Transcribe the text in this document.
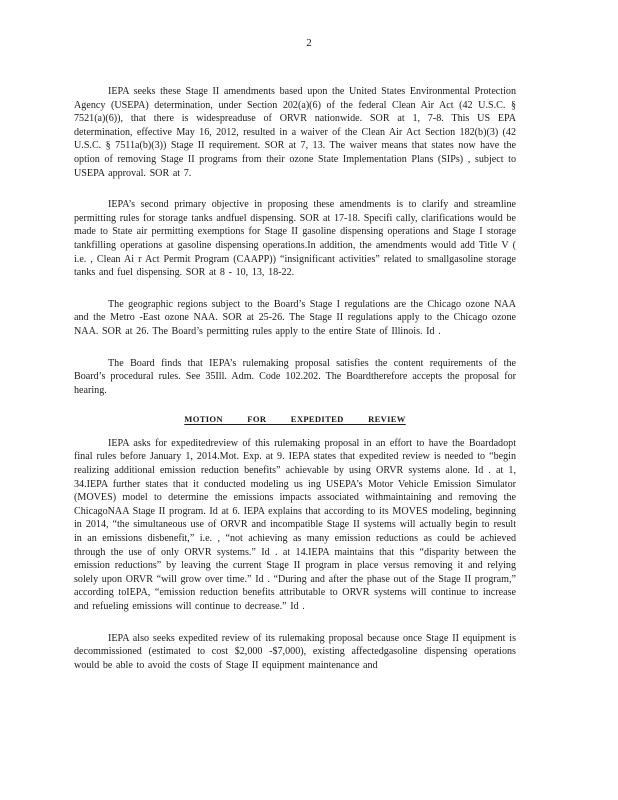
2

IEPA seeks these Stage II amendments based upon the United States Environmental Protection Agency (USEPA) determination, under Section 202(a)(6) of the federal Clean Air Act (42 U.S.C. § 7521(a)(6)), that there is widespreaduse of ORVR nationwide. SOR at 1, 7-8. This US EPA determination, effective May 16, 2012, resulted in a waiver of the Clean Air Act Section 182(b)(3) (42 U.S.C. § 7511a(b)(3)) Stage II requirement. SOR at 7, 13. The waiver means that states now have the option of removing Stage II programs from their ozone State Implementation Plans (SIPs) , subject to USEPA approval. SOR at 7.

IEPA’s second primary objective in proposing these amendments is to clarify and streamline permitting rules for storage tanks andfuel dispensing. SOR at 17-18. Specifi cally, clarifications would be made to State air permitting exemptions for Stage II gasoline dispensing operations and Stage I storage tankfilling operations at gasoline dispensing operations.In addition, the amendments would add Title V ( i.e. , Clean Ai r Act Permit Program (CAAPP)) “insignificant activities” related to smallgasoline storage tanks and fuel dispensing. SOR at 8 - 10, 13, 18-22.

The geographic regions subject to the Board’s Stage I regulations are the Chicago ozone NAA and the Metro -East ozone NAA. SOR at 25-26. The Stage II regulations apply to the Chicago ozone NAA. SOR at 26. The Board’s permitting rules apply to the entire State of Illinois. Id .

The Board finds that IEPA’s rulemaking proposal satisfies the content requirements of the Board’s procedural rules. See 35Ill. Adm. Code 102.202. The Boardtherefore accepts the proposal for hearing.

MOTION FOR EXPEDITED REVIEW

IEPA asks for expeditedreview of this rulemaking proposal in an effort to have the Boardadopt final rules before January 1, 2014.Mot. Exp. at 9. IEPA states that expedited review is needed to “begin realizing additional emission reduction benefits” achievable by using ORVR systems alone. Id . at 1, 34.IEPA further states that it conducted modeling us ing USEPA’s Motor Vehicle Emission Simulator (MOVES) model to determine the emissions impacts associated withmaintaining and removing the ChicagoNAA Stage II program. Id at 6. IEPA explains that according to its MOVES modeling, beginning in 2014, “the simultaneous use of ORVR and incompatible Stage II systems will actually begin to result in an emissions disbenefit,” i.e. , “not achieving as many emission reductions as could be achieved through the use of only ORVR systems.” Id . at 14.IEPA maintains that this “disparity between the emission reductions” by leaving the current Stage II program in place versus removing it and relying solely upon ORVR “will grow over time.” Id . “During and after the phase out of the Stage II program,” according toIEPA, “emission reduction benefits attributable to ORVR systems will continue to increase and refueling emissions will continue to decrease.” Id .

IEPA also seeks expedited review of its rulemaking proposal because once Stage II equipment is decommissioned (estimated to cost $2,000 -$7,000), existing affectedgasoline dispensing operations would be able to avoid the costs of Stage II equipment maintenance and
